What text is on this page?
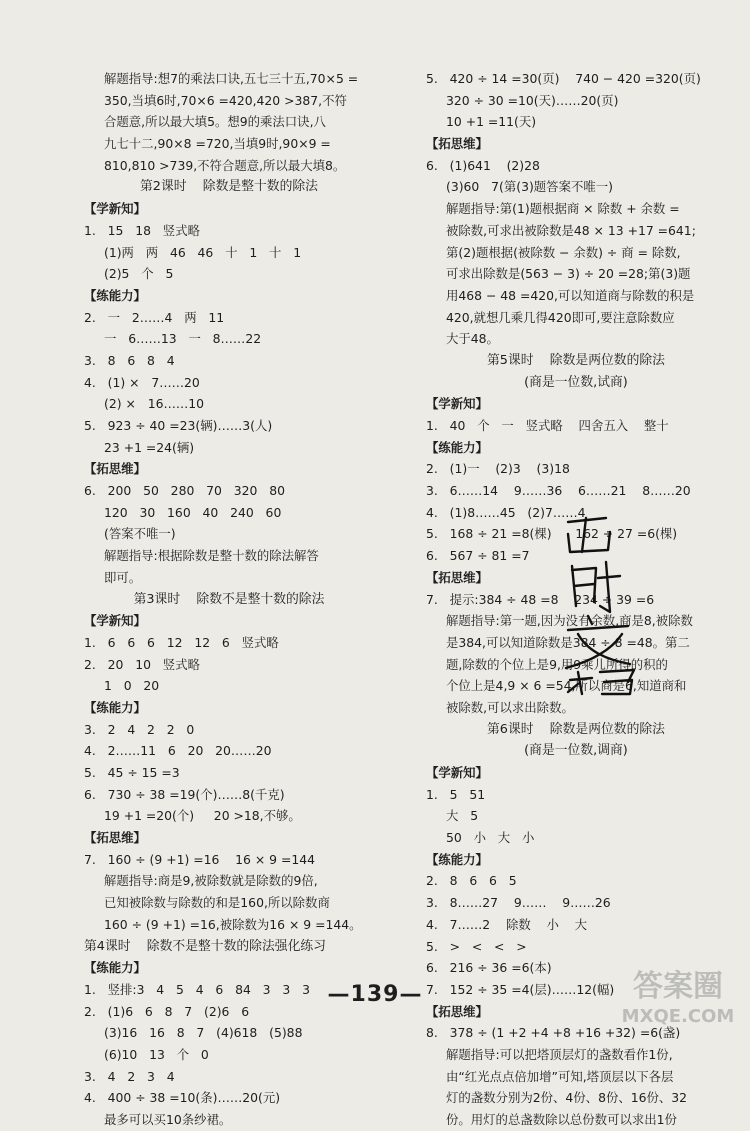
解题指导:想7的乘法口诀,五七三十五,70×5 =
350,当填6时,70×6 =420,420 >387,不符
合题意,所以最大填5。想9的乘法口诀,八
九七十二,90×8 =720,当填9时,90×9 =
810,810 >739,不符合题意,所以最大填8。
第2课时    除数是整十数的除法
【学新知】
1.   15   18   竖式略
(1)两   两   46   46   十   1   十   1
(2)5   个   5
【练能力】
2.   一   2……4   两   11
一   6……13   一   8……22
3.   8   6   8   4
4.   (1) ×   7……20
(2) ×   16……10
5.   923 ÷ 40 =23(辆)……3(人)
23 +1 =24(辆)
【拓思维】
6.   200   50   280   70   320   80
120   30   160   40   240   60
(答案不唯一)
解题指导:根据除数是整十数的除法解答
即可。
第3课时    除数不是整十数的除法
【学新知】
1.   6   6   6   12   12   6   竖式略
2.   20   10   竖式略
1   0   20
【练能力】
3.   2   4   2   2   0
4.   2……11   6   20   20……20
5.   45 ÷ 15 =3
6.   730 ÷ 38 =19(个)……8(千克)
19 +1 =20(个)     20 >18,不够。
【拓思维】
7.   160 ÷ (9 +1) =16    16 × 9 =144
解题指导:商是9,被除数就是除数的9倍,
已知被除数与除数的和是160,所以除数商
160 ÷ (9 +1) =16,被除数为16 × 9 =144。
第4课时    除数不是整十数的除法强化练习
【练能力】
1.   竖排:3   4   5   4   6   84   3   3   3
2.   (1)6   6   8   7   (2)6   6
(3)16   16   8   7   (4)618   (5)88
(6)10   13   个   0
3.   4   2   3   4
4.   400 ÷ 38 =10(条)……20(元)
最多可以买10条纱裙。
5.   420 ÷ 14 =30(页)    740 − 420 =320(页)
320 ÷ 30 =10(天)……20(页)
10 +1 =11(天)
【拓思维】
6.   (1)641    (2)28
(3)60   7(第(3)题答案不唯一)
解题指导:第(1)题根据商 × 除数 + 余数 =
被除数,可求出被除数是48 × 13 +17 =641;
第(2)题根据(被除数 − 余数) ÷ 商 = 除数,
可求出除数是(563 − 3) ÷ 20 =28;第(3)题
用468 − 48 =420,可以知道商与除数的积是
420,就想几乘几得420即可,要注意除数应
大于48。
第5课时    除数是两位数的除法
(商是一位数,试商)
【学新知】
1.   40   个   一   竖式略    四舍五入    整十
【练能力】
2.   (1)一    (2)3    (3)18
3.   6……14    9……36    6……21    8……20
4.   (1)8……45   (2)7……4
5.   168 ÷ 21 =8(棵)      162 ÷ 27 =6(棵)
6.   567 ÷ 81 =7
【拓思维】
7.   提示:384 ÷ 48 =8    234 ÷ 39 =6
解题指导:第一题,因为没有余数,商是8,被除数
是384,可以知道除数是384 ÷ 8 =48。第二
题,除数的个位上是9,用9乘儿所得的积的
个位上是4,9 × 6 =54,所以商是6,知道商和
被除数,可以求出除数。
第6课时    除数是两位数的除法
(商是一位数,调商)
【学新知】
1.   5   51
大   5
50   小   大   小
【练能力】
2.   8   6   6   5
3.   8……27    9……    9……26
4.   7……2    除数    小    大
5.   >   <   <   >
6.   216 ÷ 36 =6(本)
7.   152 ÷ 35 =4(层)……12(幅)
【拓思维】
8.   378 ÷ (1 +2 +4 +8 +16 +32) =6(盏)
解题指导:可以把塔顶层灯的盏数看作1份,
由“红光点点倍加增”可知,塔顶层以下各层
灯的盏数分别为2份、4份、8份、16份、32
份。用灯的总盏数除以总份数可以求出1份
—139—	答案圈
MXQE.COM
